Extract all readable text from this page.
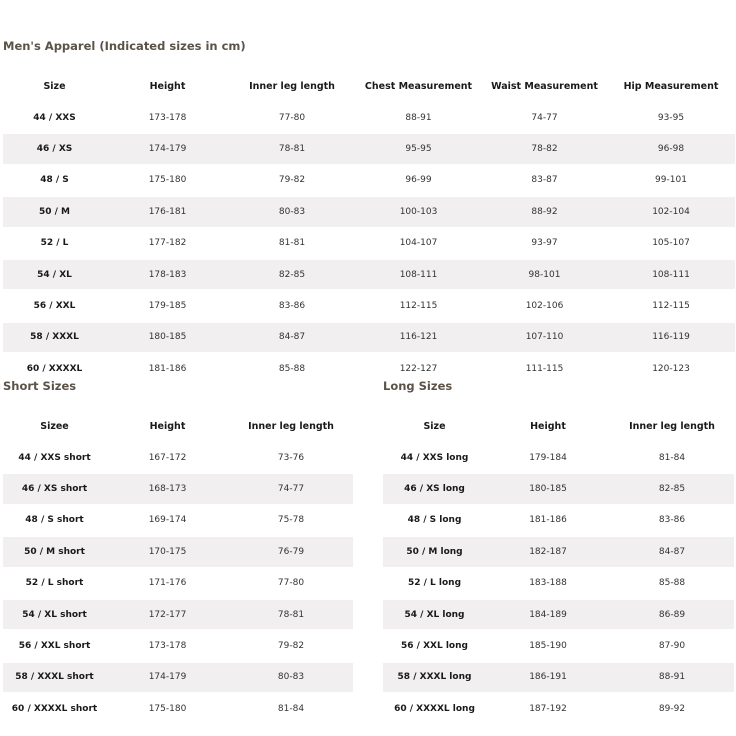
Men's Apparel (Indicated sizes in cm)
Size	Height	Inner leg length	Chest Measurement	Waist Measurement	Hip Measurement
44 / XXS	173-178	77-80	88-91	74-77	93-95
46 / XS	174-179	78-81	95-95	78-82	96-98
48 / S	175-180	79-82	96-99	83-87	99-101
50 / M	176-181	80-83	100-103	88-92	102-104
52 / L	177-182	81-81	104-107	93-97	105-107
54 / XL	178-183	82-85	108-111	98-101	108-111
56 / XXL	179-185	83-86	112-115	102-106	112-115
58 / XXXL	180-185	84-87	116-121	107-110	116-119
60 / XXXXL	181-186	85-88	122-127	111-115	120-123
Short Sizes
Sizee	Height	Inner leg length
44 / XXS short	167-172	73-76
46 / XS short	168-173	74-77
48 / S short	169-174	75-78
50 / M short	170-175	76-79
52 / L short	171-176	77-80
54 / XL short	172-177	78-81
56 / XXL short	173-178	79-82
58 / XXXL short	174-179	80-83
60 / XXXXL short	175-180	81-84
Long Sizes
Size	Height	Inner leg length
44 / XXS long	179-184	81-84
46 / XS long	180-185	82-85
48 / S long	181-186	83-86
50 / M long	182-187	84-87
52 / L long	183-188	85-88
54 / XL long	184-189	86-89
56 / XXL long	185-190	87-90
58 / XXXL long	186-191	88-91
60 / XXXXL long	187-192	89-92
